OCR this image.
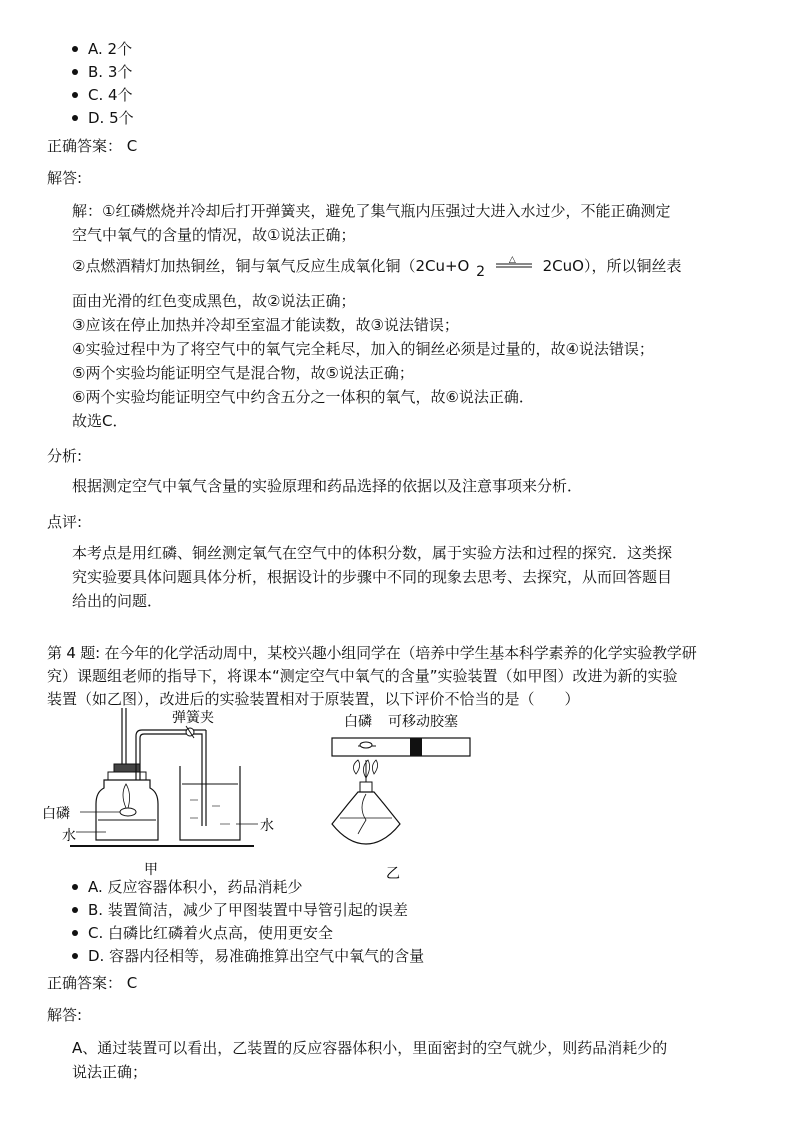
A. 2个
B. 3个
C. 4个
D. 5个
正确答案： C
解答:
解：①红磷燃烧并冷却后打开弹簧夹，避免了集气瓶内压强过大进入水过少，不能正确测定
空气中氧气的含量的情况，故①说法正确；
②点燃酒精灯加热铜丝，铜与氧气反应生成氧化铜（2Cu+O 2
△ 2CuO），所以铜丝表
面由光滑的红色变成黑色，故②说法正确；
③应该在停止加热并冷却至室温才能读数，故③说法错误；
④实验过程中为了将空气中的氧气完全耗尽，加入的铜丝必须是过量的，故④说法错误；
⑤两个实验均能证明空气是混合物，故⑤说法正确；
⑥两个实验均能证明空气中约含五分之一体积的氧气，故⑥说法正确．
故选C．
分析:
根据测定空气中氧气含量的实验原理和药品选择的依据以及注意事项来分析．
点评:
本考点是用红磷、铜丝测定氧气在空气中的体积分数，属于实验方法和过程的探究．这类探
究实验要具体问题具体分析，根据设计的步骤中不同的现象去思考、去探究，从而回答题目
给出的问题．
第 4 题: 在今年的化学活动周中，某校兴趣小组同学在（培养中学生基本科学素养的化学实验教学研
究）课题组老师的指导下，将课本“测定空气中氧气的含量”实验装置（如甲图）改进为新的实验
装置（如乙图），改进后的实验装置相对于原装置，以下评价不恰当的是（　　）
弹簧夹
白磷
水
水
甲
白磷 可移动胶塞
乙
A. 反应容器体积小，药品消耗少
B. 装置简洁，减少了甲图装置中导管引起的误差
C. 白磷比红磷着火点高，使用更安全
D. 容器内径相等，易准确推算出空气中氧气的含量
正确答案： C
解答:
A、通过装置可以看出，乙装置的反应容器体积小，里面密封的空气就少，则药品消耗少的
说法正确；
